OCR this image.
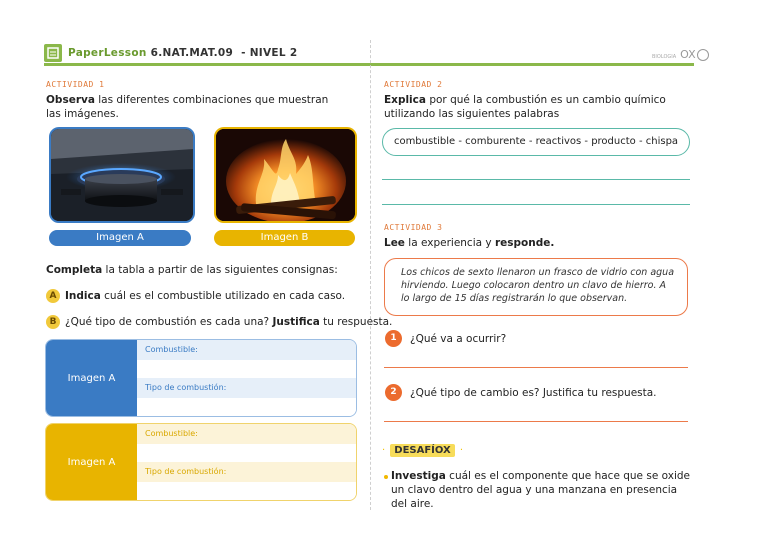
PaperLesson 6.NAT.MAT.09 - NIVEL 2	BIOLOGIA OX
ACTIVIDAD 1
Observa las diferentes combinaciones que muestran las imágenes.
Imagen A	Imagen B
Completa la tabla a partir de las siguientes consignas:
A Indica cuál es el combustible utilizado en cada caso.
B ¿Qué tipo de combustión es cada una? Justifica tu respuesta.
Imagen A
Combustible:
Tipo de combustión:
Imagen A
Combustible:
Tipo de combustión:
ACTIVIDAD 2
Explica por qué la combustión es un cambio químico utilizando las siguientes palabras
combustible - comburente - reactivos - producto - chispa
ACTIVIDAD 3
Lee la experiencia y responde.
Los chicos de sexto llenaron un frasco de vidrio con agua hirviendo. Luego colocaron dentro un clavo de hierro. A lo largo de 15 días registrarán lo que observan.
1	¿Qué va a ocurrir?
2	¿Qué tipo de cambio es? Justifica tu respuesta.
· DESAFÍOX ·
Investiga cuál es el componente que hace que se oxide un clavo dentro del agua y una manzana en presencia del aire.
